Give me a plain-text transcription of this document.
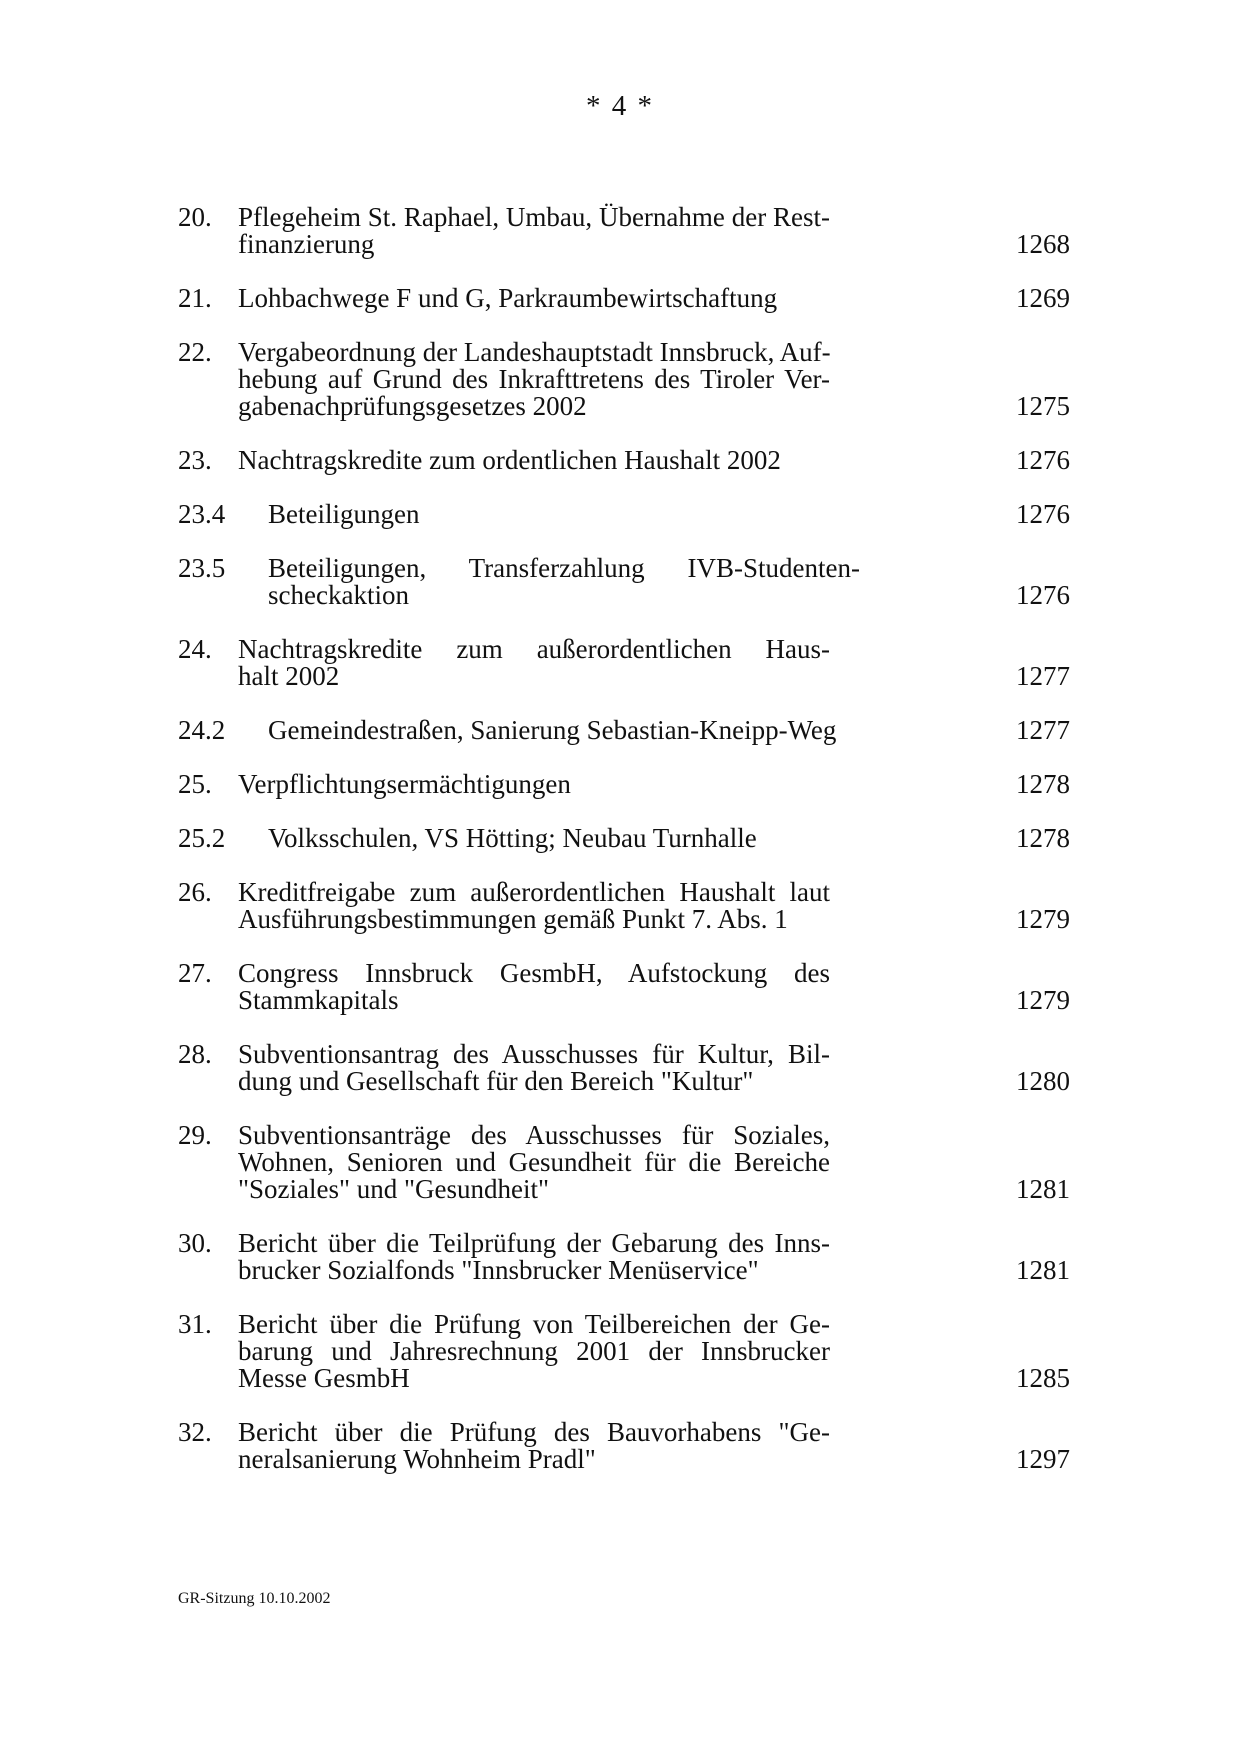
* 4 *
20. Pflegeheim St. Raphael, Umbau, Übernahme der Rest-
finanzierung	1268
21. Lohbachwege F und G, Parkraumbewirtschaftung	1269
22. Vergabeordnung der Landeshauptstadt Innsbruck, Auf-
hebung auf Grund des Inkrafttretens des Tiroler Ver-
gabenachprüfungsgesetzes 2002	1275
23. Nachtragskredite zum ordentlichen Haushalt 2002	1276
23.4 Beteiligungen	1276
23.5 Beteiligungen, Transferzahlung IVB-Studenten-
scheckaktion	1276
24. Nachtragskredite zum außerordentlichen Haus-
halt 2002	1277
24.2 Gemeindestraßen, Sanierung Sebastian-Kneipp-Weg	1277
25. Verpflichtungsermächtigungen	1278
25.2 Volksschulen, VS Hötting; Neubau Turnhalle	1278
26. Kreditfreigabe zum außerordentlichen Haushalt laut
Ausführungsbestimmungen gemäß Punkt 7. Abs. 1	1279
27. Congress Innsbruck GesmbH, Aufstockung des
Stammkapitals	1279
28. Subventionsantrag des Ausschusses für Kultur, Bil-
dung und Gesellschaft für den Bereich "Kultur"	1280
29. Subventionsanträge des Ausschusses für Soziales,
Wohnen, Senioren und Gesundheit für die Bereiche
"Soziales" und "Gesundheit"	1281
30. Bericht über die Teilprüfung der Gebarung des Inns-
brucker Sozialfonds "Innsbrucker Menüservice"	1281
31. Bericht über die Prüfung von Teilbereichen der Ge-
barung und Jahresrechnung 2001 der Innsbrucker
Messe GesmbH	1285
32. Bericht über die Prüfung des Bauvorhabens "Ge-
neralsanierung Wohnheim Pradl"	1297
GR-Sitzung 10.10.2002
